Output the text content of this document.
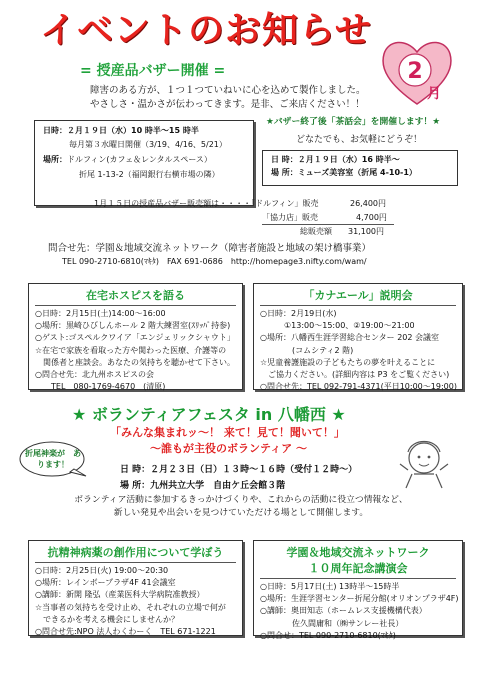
イベントのお知らせ
= 授産品バザー開催 =	2
月
障害のある方が、１つ１つていねいに心を込めて製作しました。
やさしさ・温かさが伝わってきます。是非、ご来店ください！！
日時：２月１９日（水）10 時半～15 時半
毎月第３水曜日開催（3/19、4/16、5/21）
場所：ドルフィン(カフェ＆レンタルスペース）
折尾 1-13-2（福岡銀行右横市場の隣）
★バザー終了後「茶話会」を開催します！★
どなたでも、お気軽にどうぞ！
日 時：２月１９日（水）16 時半～
場 所：ミューズ美容室（折尾 4-10-1）
1月１５日の授産品バザー販売額は・・・・「ドルフィン」販売	26,400円
「協力店」販売	4,700円
総販売額 31,100円
問合せ先：学園＆地域交流ネットワーク（障害者施設と地域の架け橋事業）
TEL 090-2710-6810(ﾏｷﾀ)　FAX 691-0686　http://homepage3.nifty.com/wam/
在宅ホスピスを語る
○日時：2月15日(土)14:00～16:00
○場所：黒崎ひびしんホール 2 階大練習室(ｽﾘｯﾊﾟ持参)
○ゲスト:ゴスペルクワイア「エンジェリックシャウト」
☆在宅で家族を看取った方や関わった医療、介護等の
　関係者と座談会。あなたの気持ちを聴かせて下さい。
○問合せ先：北九州ホスピスの会
　　TEL　080-1769-4670　(清原)
「カナエール」説明会
○日時：2月19日(水)
　　　①13:00～15:00、②19:00～21:00
○場所：八幡西生涯学習総合センター 202 会議室
　　　　(コムシティ2 階)
☆児童養護施設の子どもたちの夢を叶えることに
　ご協力ください。(詳細内容は P3 をご覧ください)
○問合せ先：TEL 092-791-4371(平日10:00～19:00)
★ ボランティアフェスタ in 八幡西 ★
「みんな集まれッ～！ 来て！見て！聞いて！」
～誰もが主役のボランティア ～
折尾神楽が　あります！
日 時：２月２３日（日）１３時～１６時（受付１２時～）
場 所：九州共立大学　自由ケ丘会館３階
ボランティア活動に参加するきっかけづくりや、これからの活動に役立つ情報など、
新しい発見や出会いを見つけていただける場として開催します。
抗精神病薬の創作用について学ぼう
○日時：2月25日(火) 19:00～20:30
○場所：レインボープラザ4F 41会議室
○講師：新開 隆弘（産業医科大学病院准教授）
☆当事者の気持ちを受け止め、それぞれの立場で何が
　できるかを考える機会にしませんか？
○問合せ先:NPO 法人わくわーく　TEL 671-1221
学園＆地域交流ネットワーク
１０周年記念講演会
○日時：5月17日(土) 13時半～15時半
○場所：生涯学習センター折尾分館(オリオンプラザ4F)
○講師：奥田知志（ホームレス支援機構代表）
　　　　佐久間庸和（㈱サンレー社長）
○問合せ：TEL 090-2710-6810(ﾏｷﾀ)
